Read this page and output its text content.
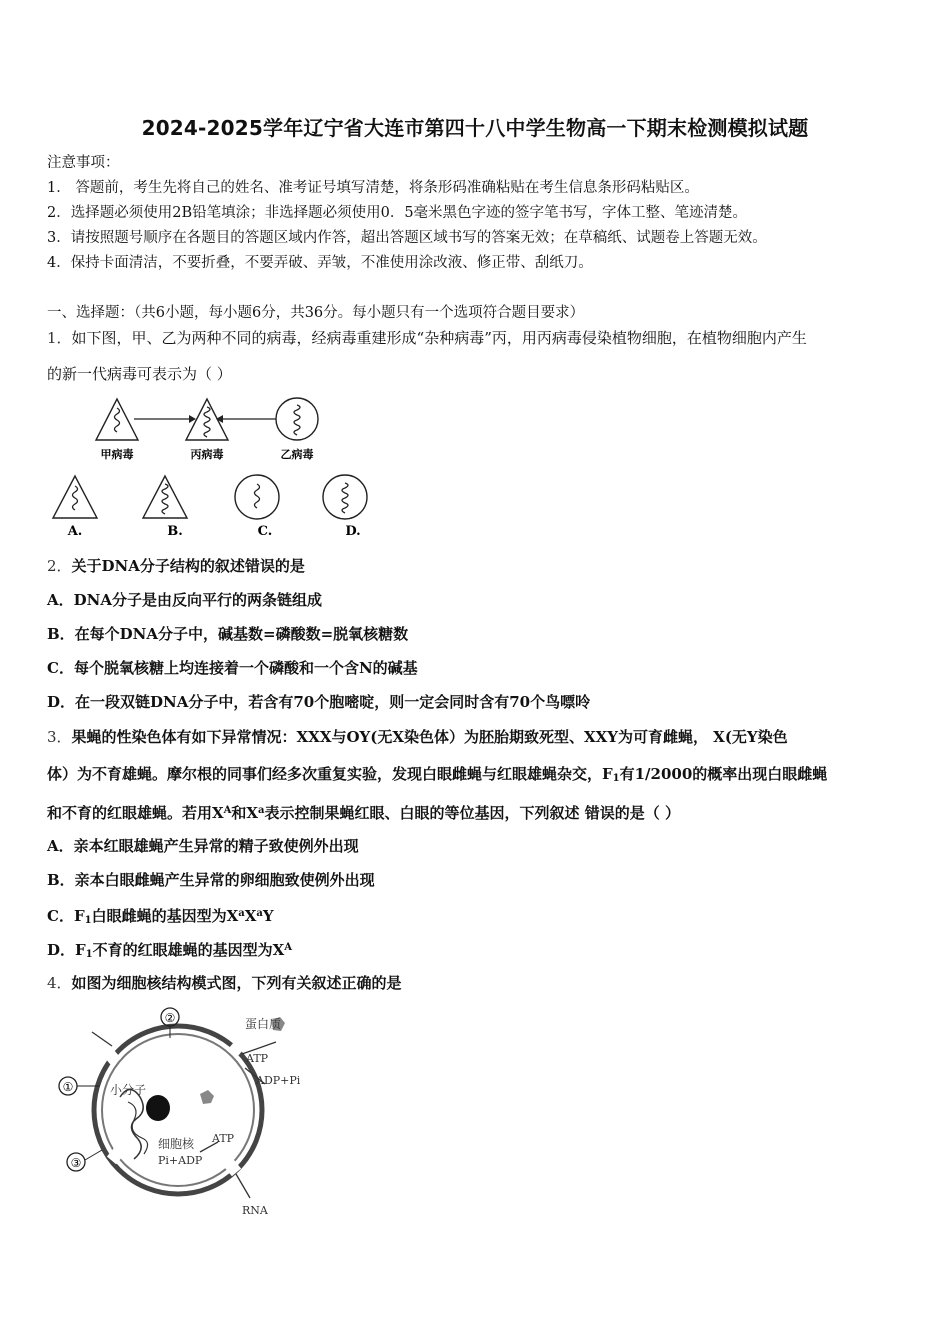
2024-2025学年辽宁省大连市第四十八中学生物高一下期末检测模拟试题
注意事项：
1． 答题前，考生先将自己的姓名、准考证号填写清楚，将条形码准确粘贴在考生信息条形码粘贴区。
2．选择题必须使用2B铅笔填涂；非选择题必须使用0．5毫米黑色字迹的签字笔书写，字体工整、笔迹清楚。
3．请按照题号顺序在各题目的答题区域内作答，超出答题区域书写的答案无效；在草稿纸、试题卷上答题无效。
4．保持卡面清洁，不要折叠，不要弄破、弄皱，不准使用涂改液、修正带、刮纸刀。
一、选择题：（共6小题，每小题6分，共36分。每小题只有一个选项符合题目要求）
1．如下图，甲、乙为两种不同的病毒，经病毒重建形成“杂种病毒”丙，用丙病毒侵染植物细胞，在植物细胞内产生
的新一代病毒可表示为（ ）
甲病毒	丙病毒	乙病毒
A.	B.	C.	D.
2．关于DNA分子结构的叙述错误的是
A．DNA分子是由反向平行的两条链组成
B．在每个DNA分子中，碱基数=磷酸数=脱氧核糖数
C．每个脱氧核糖上均连接着一个磷酸和一个含N的碱基
D．在一段双链DNA分子中，若含有70个胞嘧啶，则一定会同时含有70个鸟嘌呤
3．果蝇的性染色体有如下异常情况：XXX与OY(无X染色体）为胚胎期致死型、XXY为可育雌蝇， X(无Y染色
体）为不育雄蝇。摩尔根的同事们经多次重复实验，发现白眼雌蝇与红眼雄蝇杂交，$F_1$有1/2000的概率出现白眼雌蝇
和不育的红眼雄蝇。若用$X^A$和$X^a$表示控制果蝇红眼、白眼的等位基因，下列叙述 错误的是（ ）
A．亲本红眼雄蝇产生异常的精子致使例外出现
B．亲本白眼雌蝇产生异常的卵细胞致使例外出现
C．$F_1$白眼雌蝇的基因型为$X^aX^aY$
D．$F_1$不育的红眼雄蝇的基因型为$X^A$
4．如图为细胞核结构模式图，下列有关叙述正确的是
②
①
③
蛋白质
ATP
ADP+Pi
小分子
细胞核
Pi+ADP
ATP
RNA
